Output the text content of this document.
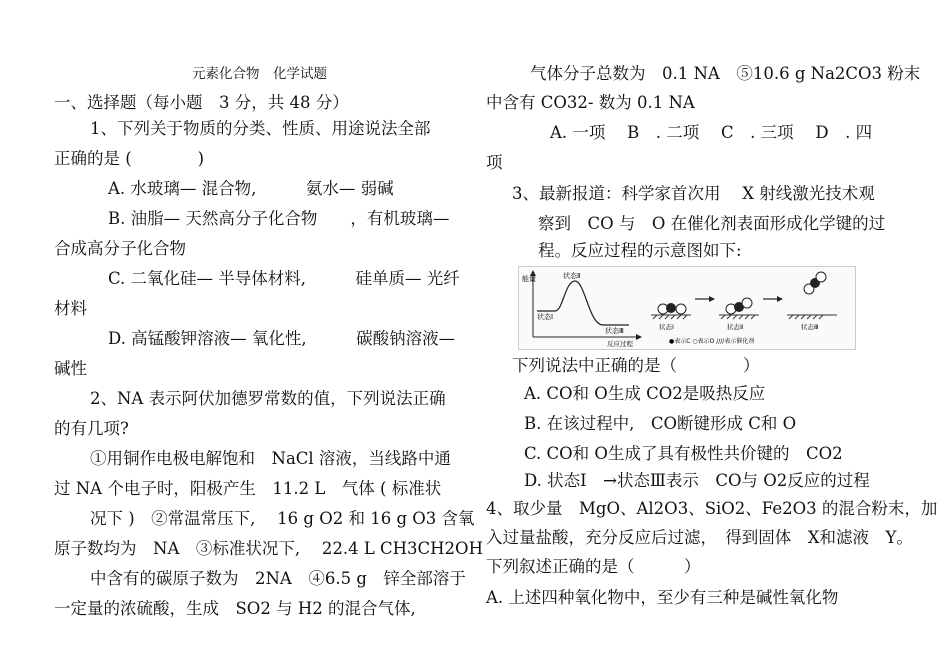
元素化合物　化学试题
一、选择题（每小题　3 分，共 48 分）
1、下列关于物质的分类、性质、用途说法全部
正确的是 (　　　　)
A. 水玻璃— 混合物,　　　氨水— 弱碱
B. 油脂— 天然高分子化合物　　，有机玻璃—
合成高分子化合物
C. 二氧化硅— 半导体材料,　　　硅单质— 光纤
材料
D. 高锰酸钾溶液— 氧化性,　　　碳酸钠溶液—
碱性
2、NA 表示阿伏加德罗常数的值，下列说法正确
的有几项?
①用铜作电极电解饱和　NaCl 溶液，当线路中通
过 NA 个电子时，阳极产生　11.2 L　气体 ( 标准状
况下 )　②常温常压下,　 16 g O2 和 16 g O3 含氧
原子数均为　NA　③标准状况下,　 22.4 L CH3CH2OH
中含有的碳原子数为　2NA　④6.5 g　锌全部溶于
一定量的浓硫酸，生成　SO2 与 H2 的混合气体,
气体分子总数为　0.1 NA　⑤10.6 g Na2CO3 粉末
中含有 CO32- 数为 0.1 NA
A. 一项　 B　. 二项　 C　. 三项　 D　. 四
项
3、最新报道：科学家首次用　 X 射线激光技术观
察到　CO 与　O 在催化剂表面形成化学键的过
程。反应过程的示意图如下:
下列说法中正确的是（　　　　）
A. CO和 O生成 CO2是吸热反应
B. 在该过程中,　CO断键形成 C和 O
C. CO和 O生成了具有极性共价键的　CO2
D. 状态Ⅰ　→状态Ⅲ表示　CO与 O2反应的过程
4、取少量　MgO、Al2O3、SiO2、Fe2O3 的混合粉末，加
入过量盐酸，充分反应后过滤，　得到固体　X和滤液　Y。
下列叙述正确的是（　　　）
A. 上述四种氧化物中，至少有三种是碱性氧化物
能量	状态Ⅱ
状态Ⅰ
状态Ⅲ
反应过程
状态Ⅰ	状态Ⅱ	状态Ⅲ
●表示C ○表示O ////表示催化剂
